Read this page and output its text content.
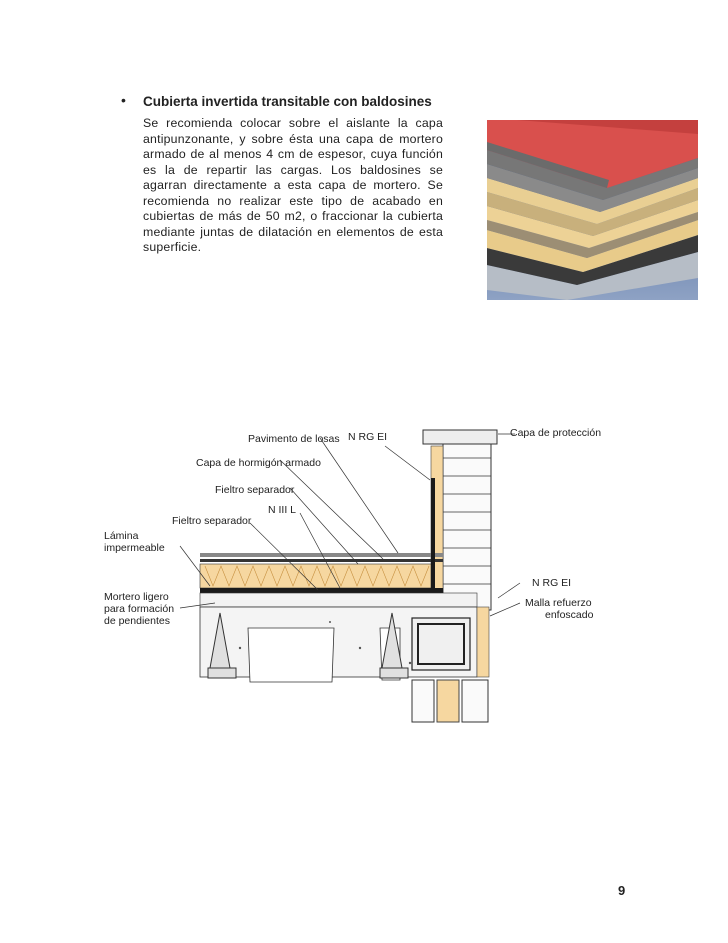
• Cubierta invertida transitable con baldosines
Se recomienda colocar sobre el aislante la capa antipunzonante, y sobre ésta una capa de mortero armado de al menos 4 cm de espesor, cuya función es la de repartir las cargas. Los baldosines se agarran directamente a esta capa de mortero. Se recomienda no realizar este tipo de acabado en cubiertas de más de 50 m2, o fraccionar la cubierta mediante juntas de dilatación en elementos de esta superficie.
N RG EI	Capa de protección
Pavimento de losas
Capa de hormigón armado
Fieltro separador
N III L
Fieltro separador
Lámina
impermeable
Mortero ligero
para formación
de pendientes
N RG EI
Malla refuerzo
enfoscado
9
